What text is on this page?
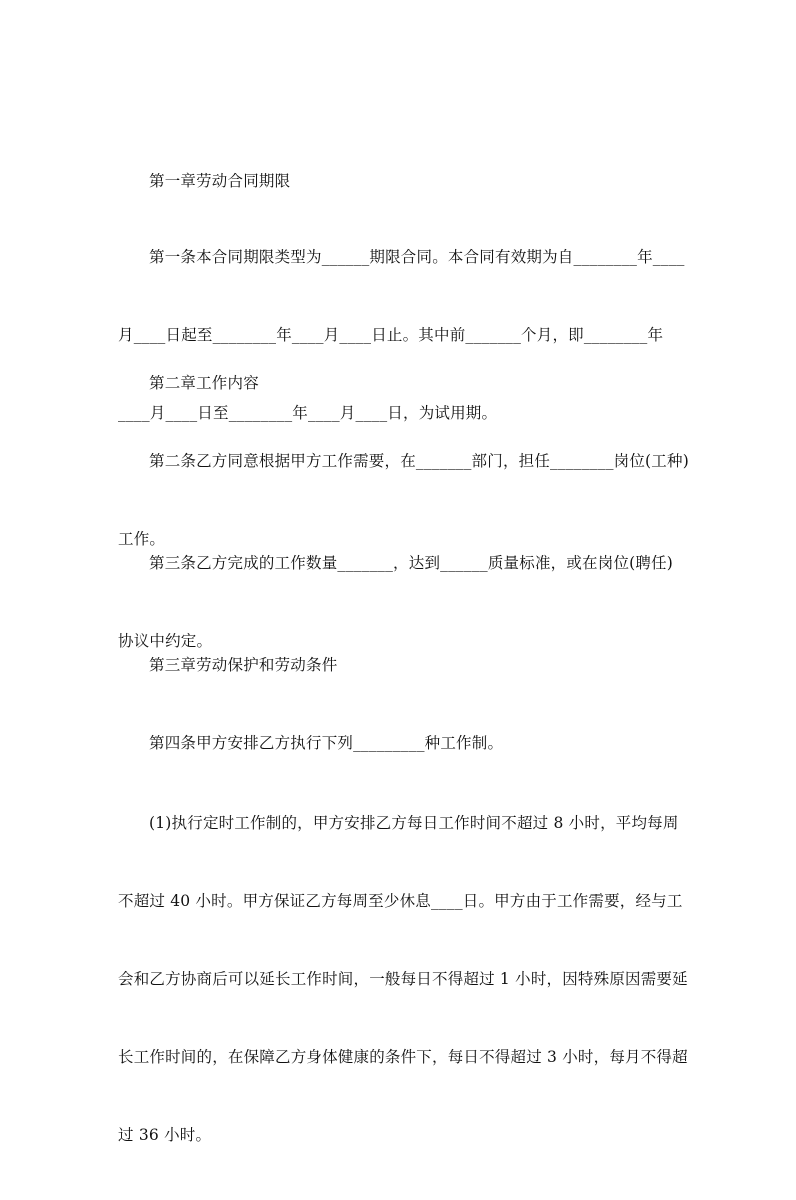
第一章劳动合同期限

第一条本合同期限类型为______期限合同。本合同有效期为自________年____

月____日起至________年____月____日止。其中前_______个月，即________年

____月____日至________年____月____日，为试用期。

第二章工作内容

第二条乙方同意根据甲方工作需要，在_______部门，担任________岗位(工种)

工作。

第三条乙方完成的工作数量_______，达到______质量标准，或在岗位(聘任)

协议中约定。

第三章劳动保护和劳动条件

第四条甲方安排乙方执行下列_________种工作制。

(1)执行定时工作制的，甲方安排乙方每日工作时间不超过 8 小时，平均每周

不超过 40 小时。甲方保证乙方每周至少休息____日。甲方由于工作需要，经与工

会和乙方协商后可以延长工作时间，一般每日不得超过 1 小时，因特殊原因需要延

长工作时间的，在保障乙方身体健康的条件下，每日不得超过 3 小时，每月不得超

过 36 小时。
